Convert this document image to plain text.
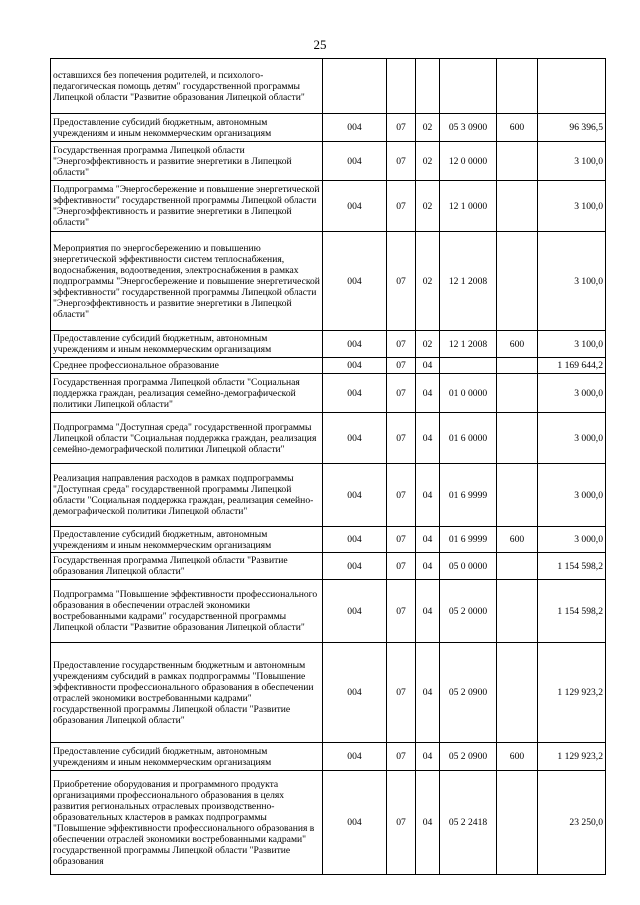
25
оставшихся без попечения родителей, и психолого-педагогическая помощь детям" государственной программы Липецкой области "Развитие образования Липецкой области"						
Предоставление субсидий бюджетным, автономным учреждениям и иным некоммерческим организациям	004	07	02	05 3 0900	600	96 396,5
Государственная программа Липецкой области "Энергоэффективность и развитие энергетики в Липецкой области"	004	07	02	12 0 0000		3 100,0
Подпрограмма "Энергосбережение и повышение энергетической эффективности" государственной программы Липецкой области "Энергоэффективность и развитие энергетики в Липецкой области"	004	07	02	12 1 0000		3 100,0
Мероприятия по энергосбережению и повышению энергетической эффективности систем теплоснабжения, водоснабжения, водоотведения, электроснабжения в рамках подпрограммы "Энергосбережение и повышение энергетической эффективности" государственной программы Липецкой области "Энергоэффективность и развитие энергетики в Липецкой области"	004	07	02	12 1 2008		3 100,0
Предоставление субсидий бюджетным, автономным учреждениям и иным некоммерческим организациям	004	07	02	12 1 2008	600	3 100,0
Среднее профессиональное образование	004	07	04			1 169 644,2
Государственная программа Липецкой области "Социальная поддержка граждан, реализация семейно-демографической политики Липецкой области"	004	07	04	01 0 0000		3 000,0
Подпрограмма "Доступная среда" государственной программы Липецкой области "Социальная поддержка граждан, реализация семейно-демографической политики Липецкой области"	004	07	04	01 6 0000		3 000,0
Реализация направления расходов в рамках подпрограммы "Доступная среда" государственной программы Липецкой области "Социальная поддержка граждан, реализация семейно-демографической политики Липецкой области"	004	07	04	01 6 9999		3 000,0
Предоставление субсидий бюджетным, автономным учреждениям и иным некоммерческим организациям	004	07	04	01 6 9999	600	3 000,0
Государственная программа Липецкой области "Развитие образования Липецкой области"	004	07	04	05 0 0000		1 154 598,2
Подпрограмма "Повышение эффективности профессионального образования в обеспечении отраслей экономики востребованными кадрами" государственной программы Липецкой области "Развитие образования Липецкой области"	004	07	04	05 2 0000		1 154 598,2
Предоставление государственным бюджетным и автономным учреждениям субсидий в рамках подпрограммы "Повышение эффективности профессионального образования в обеспечении отраслей экономики востребованными кадрами" государственной программы Липецкой области "Развитие образования Липецкой области"	004	07	04	05 2 0900		1 129 923,2
Предоставление субсидий бюджетным, автономным учреждениям и иным некоммерческим организациям	004	07	04	05 2 0900	600	1 129 923,2
Приобретение оборудования и программного продукта организациями профессионального образования в целях развития региональных отраслевых производственно-образовательных кластеров в рамках подпрограммы "Повышение эффективности профессионального образования в обеспечении отраслей экономики востребованными кадрами" государственной программы Липецкой области "Развитие образования	004	07	04	05 2 2418		23 250,0
